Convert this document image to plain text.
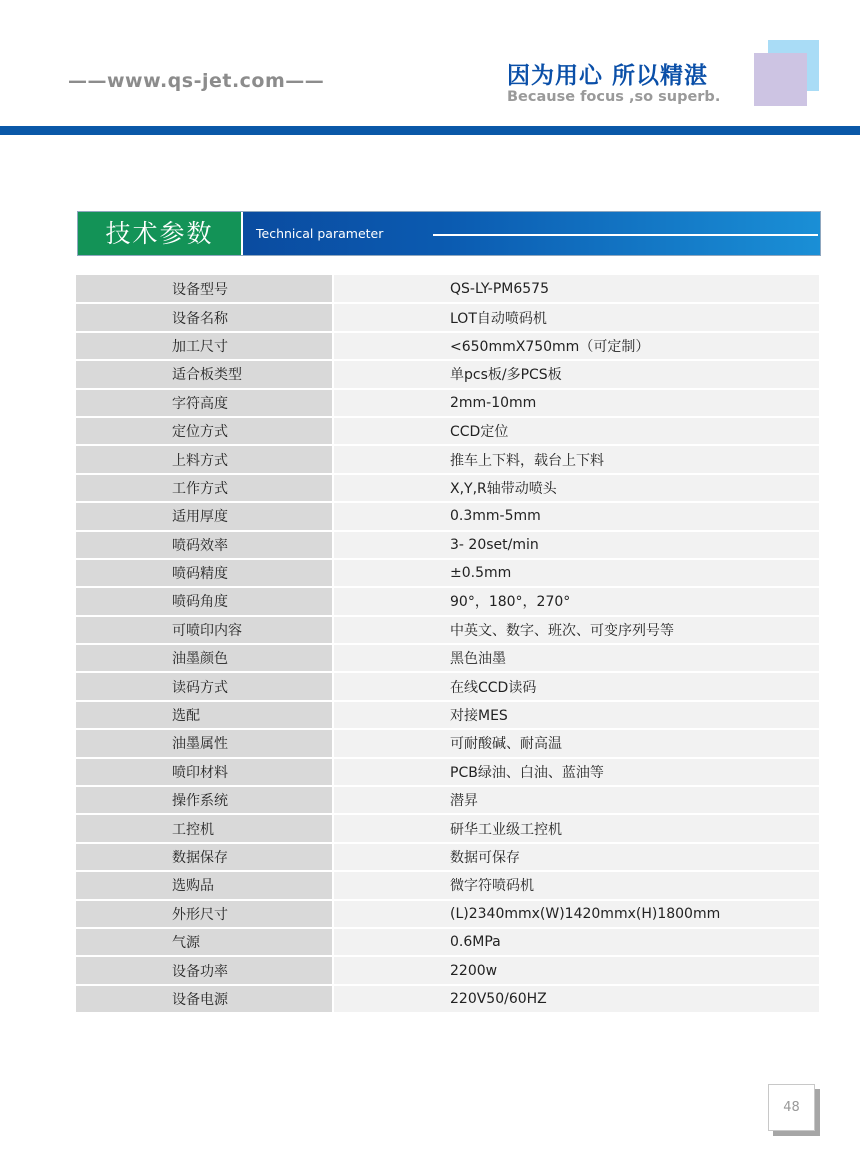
——www.qs-jet.com——	因为用心 所以精湛
Because focus ,so superb.
技术参数	Technical parameter
设备型号	QS-LY-PM6575
设备名称	LOT自动喷码机
加工尺寸	<650mmX750mm（可定制）
适合板类型	单pcs板/多PCS板
字符高度	2mm-10mm
定位方式	CCD定位
上料方式	推车上下料，载台上下料
工作方式	X,Y,R轴带动喷头
适用厚度	0.3mm-5mm
喷码效率	3- 20set/min
喷码精度	±0.5mm
喷码角度	90°，180°，270°
可喷印内容	中英文、数字、班次、可变序列号等
油墨颜色	黑色油墨
读码方式	在线CCD读码
选配	对接MES
油墨属性	可耐酸碱、耐高温
喷印材料	PCB绿油、白油、蓝油等
操作系统	潜昇
工控机	研华工业级工控机
数据保存	数据可保存
选购品	微字符喷码机
外形尺寸	(L)2340mmx(W)1420mmx(H)1800mm
气源	0.6MPa
设备功率	2200w
设备电源	220V50/60HZ
48
